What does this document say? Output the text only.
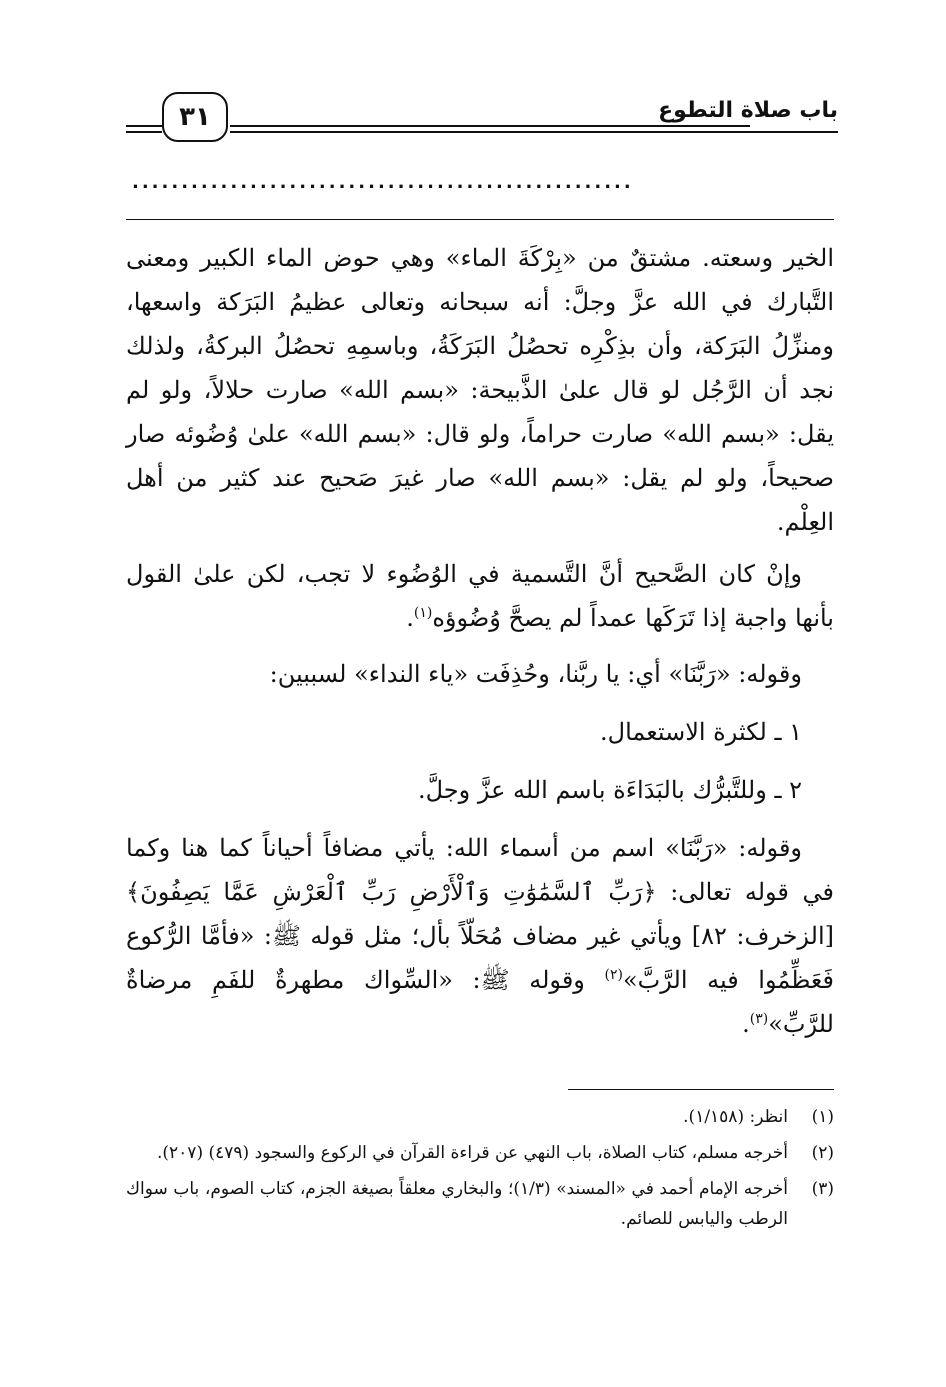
باب صلاة التطوع
٣١
...................................................

الخير وسعته. مشتقٌ من «بِرْكَةَ الماء» وهي حوض الماء الكبير ومعنى التَّبارك في الله عزَّ وجلَّ: أنه سبحانه وتعالى عظيمُ البَرَكة واسعها، ومنزِّلُ البَرَكة، وأن بذِكْرِه تحصُلُ البَرَكَةُ، وباسمِهِ تحصُلُ البركةُ، ولذلك نجد أن الرَّجُل لو قال علىٰ الذَّبيحة: «بسم الله» صارت حلالاً، ولو لم يقل: «بسم الله» صارت حراماً، ولو قال: «بسم الله» علىٰ وُضُوئه صار صحيحاً، ولو لم يقل: «بسم الله» صار غيرَ صَحيح عند كثير من أهل العِلْم.

وإنْ كان الصَّحيح أنَّ التَّسمية في الوُضُوء لا تجب، لكن علىٰ القول بأنها واجبة إذا تَرَكَها عمداً لم يصحَّ وُضُوؤه$^{(١)}$.

وقوله: «رَبَّنَا» أي: يا ربَّنا، وحُذِفَت «ياء النداء» لسببين:

١ ـ لكثرة الاستعمال.

٢ ـ وللتَّبرُّك بالبَدَاءَة باسم الله عزَّ وجلَّ.

وقوله: «رَبَّنَا» اسم من أسماء الله: يأتي مضافاً أحياناً كما هنا وكما في قوله تعالى: ﴿رَبِّ ٱلسَّمَٰوَٰتِ وَٱلْأَرْضِ رَبِّ ٱلْعَرْشِ عَمَّا يَصِفُونَ﴾ [الزخرف: ٨٢] ويأتي غير مضاف مُحَلّاً بأل؛ مثل قوله ﷺ: «فأمَّا الرُّكوع فَعَظِّمُوا فيه الرَّبَّ»$^{(٢)}$ وقوله ﷺ: «السِّواك مطهرةٌ للفَمِ مرضاةٌ للرَّبِّ»$^{(٣)}$.

(١)
انظر: (١/١٥٨).
(٢)
أخرجه مسلم، كتاب الصلاة، باب النهي عن قراءة القرآن في الركوع والسجود (٤٧٩) (٢٠٧).
(٣)
أخرجه الإمام أحمد في «المسند» (١/٣)؛ والبخاري معلقاً بصيغة الجزم، كتاب الصوم، باب سواك الرطب واليابس للصائم.
